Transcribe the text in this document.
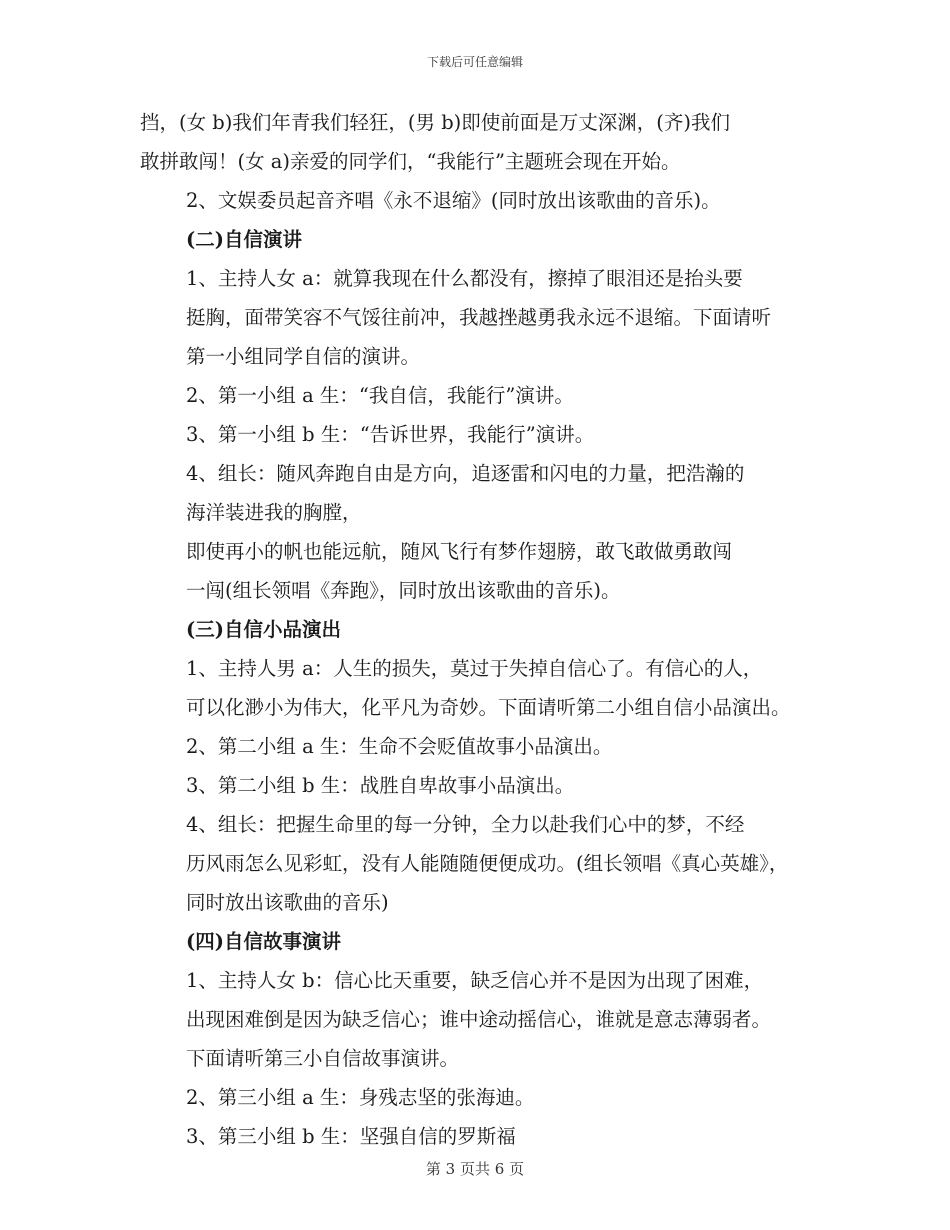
下载后可任意编辑

挡，(女 b)我们年青我们轻狂，(男 b)即使前面是万丈深渊，(齐)我们
敢拼敢闯！(女 a)亲爱的同学们，“我能行”主题班会现在开始。

2、文娱委员起音齐唱《永不退缩》(同时放出该歌曲的音乐)。

(二)自信演讲

1、主持人女 a：就算我现在什么都没有，擦掉了眼泪还是抬头要
挺胸，面带笑容不气馁往前冲，我越挫越勇我永远不退缩。下面请听
第一小组同学自信的演讲。

2、第一小组 a 生：“我自信，我能行”演讲。

3、第一小组 b 生：“告诉世界，我能行”演讲。

4、组长：随风奔跑自由是方向，追逐雷和闪电的力量，把浩瀚的
海洋装进我的胸膛，

即使再小的帆也能远航，随风飞行有梦作翅膀，敢飞敢做勇敢闯
一闯(组长领唱《奔跑》，同时放出该歌曲的音乐)。

(三)自信小品演出

1、主持人男 a：人生的损失，莫过于失掉自信心了。有信心的人，
可以化渺小为伟大，化平凡为奇妙。下面请听第二小组自信小品演出。

2、第二小组 a 生：生命不会贬值故事小品演出。

3、第二小组 b 生：战胜自卑故事小品演出。

4、组长：把握生命里的每一分钟，全力以赴我们心中的梦，不经
历风雨怎么见彩虹，没有人能随随便便成功。(组长领唱《真心英雄》，
同时放出该歌曲的音乐)

(四)自信故事演讲

1、主持人女 b：信心比天重要，缺乏信心并不是因为出现了困难，
出现困难倒是因为缺乏信心；谁中途动摇信心，谁就是意志薄弱者。
下面请听第三小自信故事演讲。

2、第三小组 a 生：身残志坚的张海迪。

3、第三小组 b 生：坚强自信的罗斯福

第 3 页共 6 页
